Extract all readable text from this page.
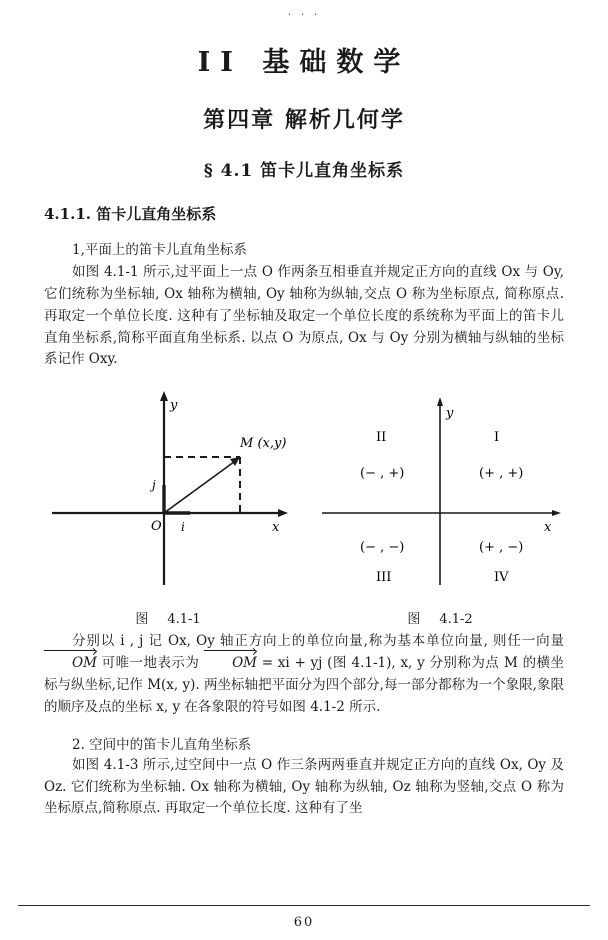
· · ·
II 基础数学
第四章 解析几何学
§ 4.1 笛卡儿直角坐标系
4.1.1. 笛卡儿直角坐标系
1,平面上的笛卡儿直角坐标系

如图 4.1-1 所示,过平面上一点 O 作两条互相垂直并规定正方向的直线 Ox 与 Oy, 它们统称为坐标轴, Ox 轴称为横轴, Oy 轴称为纵轴,交点 O 称为坐标原点, 简称原点. 再取定一个单位长度. 这种有了坐标轴及取定一个单位长度的系统称为平面上的笛卡儿直角坐标系,简称平面直角坐标系. 以点 O 为原点, Ox 与 Oy 分别为横轴与纵轴的坐标系记作 Oxy.

y
x
O i
j
M (x,y)
图 4.1-1
y
x
II	I
(− , +)	(+ , +)
(− , −)	(+ , −)
III	IV
图 4.1-2

分别以 i , j 记 Ox, Oy 轴正方向上的单位向量,称为基本单位向量, 则任一向量 OM 可唯一地表示为 OM = xi + yj (图 4.1-1), x, y 分别称为点 M 的横坐标与纵坐标,记作 M(x, y). 两坐标轴把平面分为四个部分,每一部分都称为一个象限,象限的顺序及点的坐标 x, y 在各象限的符号如图 4.1-2 所示.

2. 空间中的笛卡儿直角坐标系

如图 4.1-3 所示,过空间中一点 O 作三条两两垂直并规定正方向的直线 Ox, Oy 及 Oz. 它们统称为坐标轴. Ox 轴称为横轴, Oy 轴称为纵轴, Oz 轴称为竖轴,交点 O 称为坐标原点,简称原点. 再取定一个单位长度. 这种有了坐

60
